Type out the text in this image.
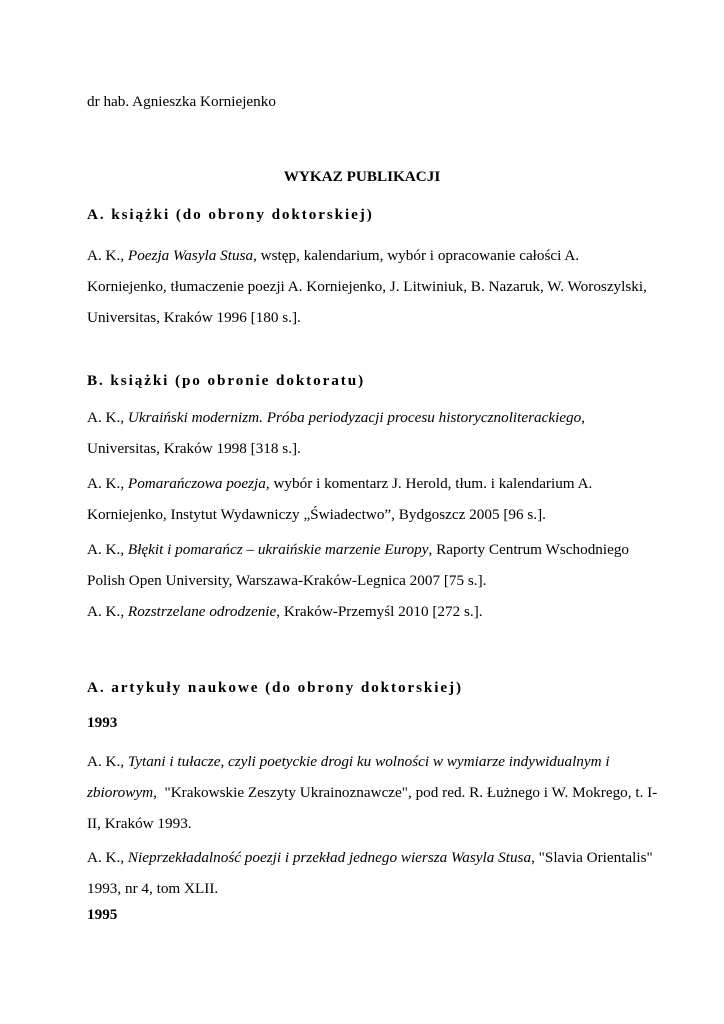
dr hab. Agnieszka Korniejenko

WYKAZ PUBLIKACJI

A. książki (do obrony doktorskiej)

A. K., Poezja Wasyla Stusa, wstęp, kalendarium, wybór i opracowanie całości A.
Korniejenko, tłumaczenie poezji A. Korniejenko, J. Litwiniuk, B. Nazaruk, W. Woroszylski,
Universitas, Kraków 1996 [180 s.].

B. książki (po obronie doktoratu)

A. K., Ukraiński modernizm. Próba periodyzacji procesu historycznoliterackiego,
Universitas, Kraków 1998 [318 s.].
A. K., Pomarańczowa poezja, wybór i komentarz J. Herold, tłum. i kalendarium A.
Korniejenko, Instytut Wydawniczy „Świadectwo”, Bydgoszcz 2005 [96 s.].
A. K., Błękit i pomarańcz – ukraińskie marzenie Europy, Raporty Centrum Wschodniego
Polish Open University, Warszawa-Kraków-Legnica 2007 [75 s.].
A. K., Rozstrzelane odrodzenie, Kraków-Przemyśl 2010 [272 s.].

A. artykuły naukowe (do obrony doktorskiej)

1993

A. K., Tytani i tułacze, czyli poetyckie drogi ku wolności w wymiarze indywidualnym i
zbiorowym,  "Krakowskie Zeszyty Ukrainoznawcze", pod red. R. Łużnego i W. Mokrego, t. I-
II, Kraków 1993.
A. K., Nieprzekładalność poezji i przekład jednego wiersza Wasyla Stusa, "Slavia Orientalis"
1993, nr 4, tom XLII.

1995
